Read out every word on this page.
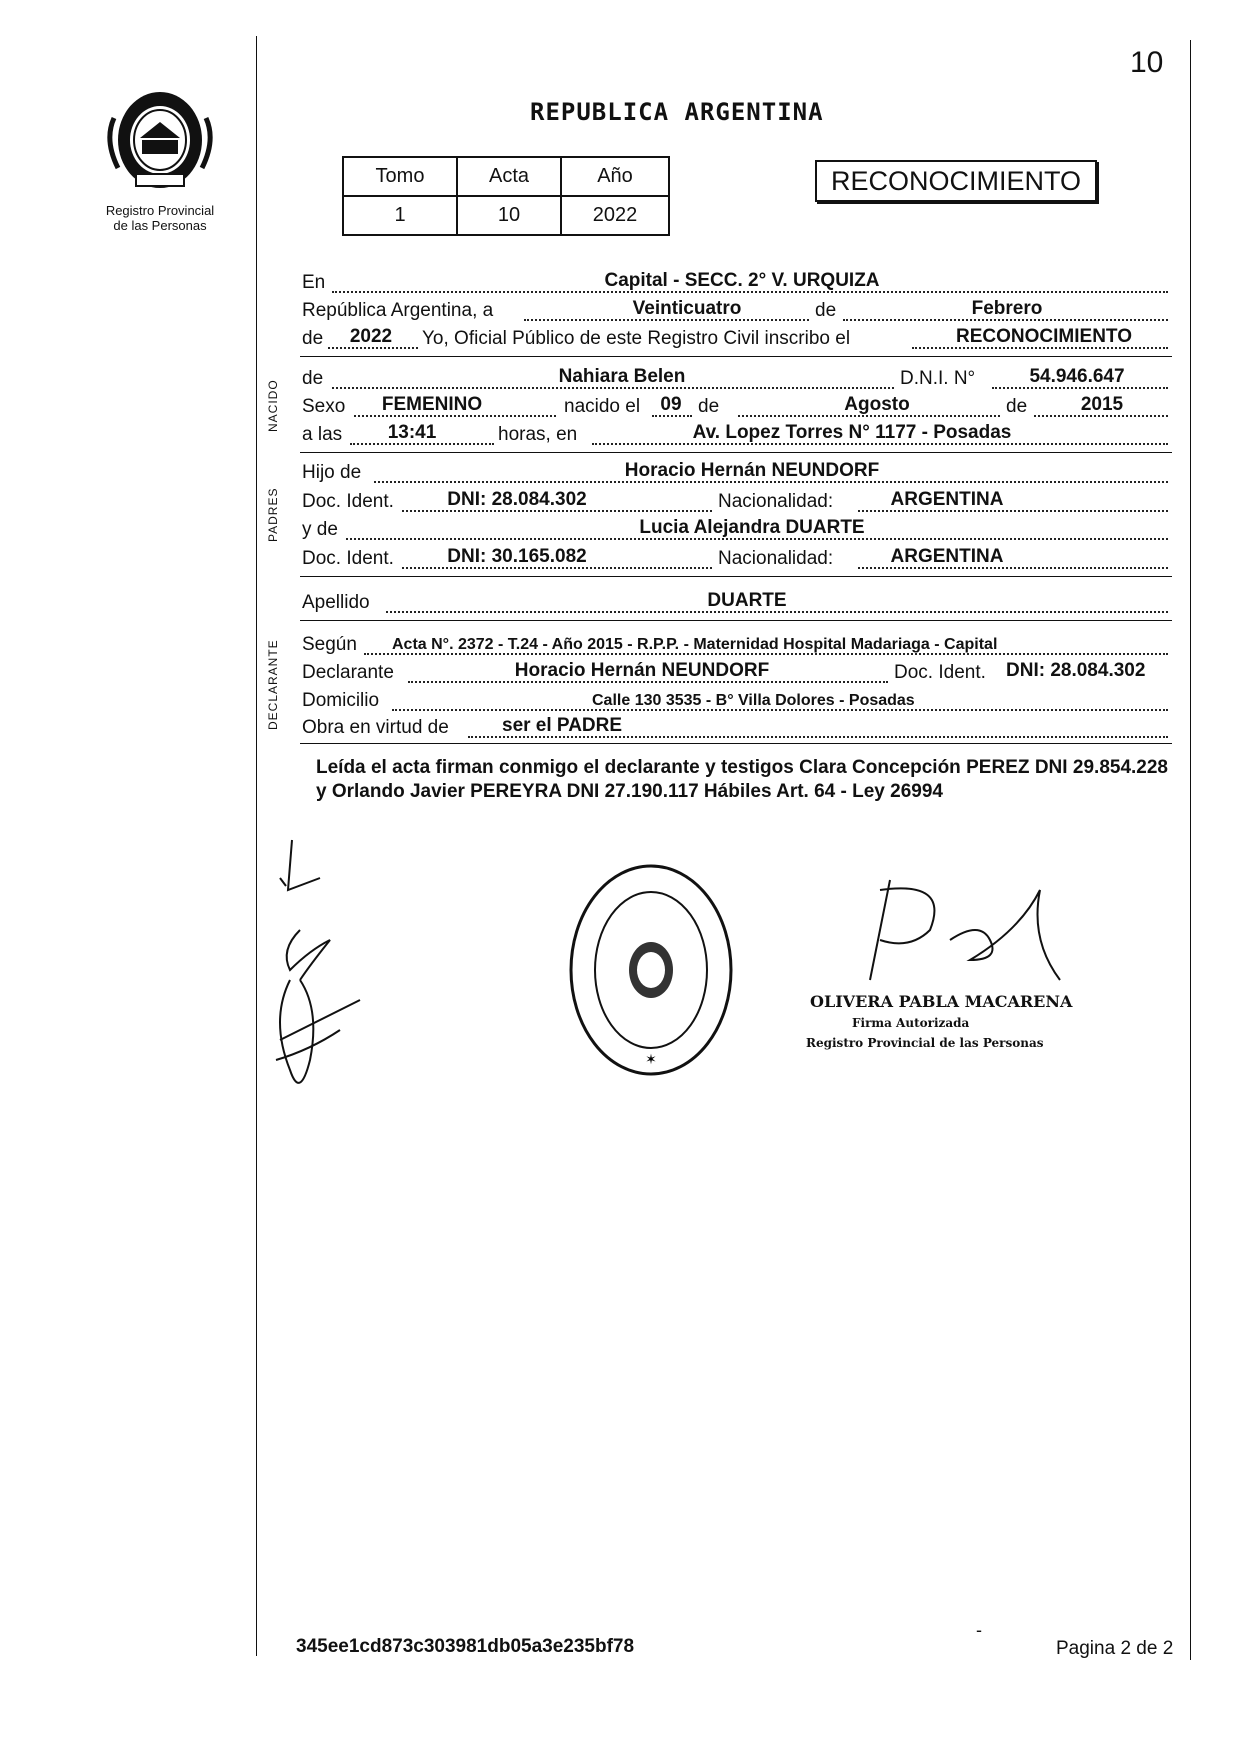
10
Registro Provincial
de las Personas
REPUBLICA ARGENTINA
Tomo	Acta	Año
1	10	2022
RECONOCIMIENTO
NACIDO
PADRES
DECLARANTE
En	Capital - SECC. 2° V. URQUIZA
República Argentina, a	Veinticuatro	de	Febrero
de	2022	Yo, Oficial Público de este Registro Civil inscribo el	RECONOCIMIENTO
de	Nahiara Belen	D.N.I. N°	54.946.647
Sexo	FEMENINO	nacido el	09 de	Agosto	de	2015
a las	13:41	horas, en	Av. Lopez Torres N° 1177 - Posadas
Hijo de	Horacio Hernán NEUNDORF
Doc. Ident.	DNI: 28.084.302	Nacionalidad:	ARGENTINA
y de	Lucia Alejandra DUARTE
Doc. Ident.	DNI: 30.165.082	Nacionalidad:	ARGENTINA
Apellido	DUARTE
Según Acta N°. 2372 - T.24 - Año 2015 - R.P.P. - Maternidad Hospital Madariaga - Capital
Declarante	Horacio Hernán NEUNDORF	Doc. Ident. DNI: 28.084.302
Domicilio	Calle 130 3535 - B° Villa Dolores - Posadas
Obra en virtud de	ser el PADRE
Leída el acta firman conmigo el declarante y testigos Clara Concepción PEREZ DNI 29.854.228 y Orlando Javier PEREYRA DNI 27.190.117 Hábiles Art. 64 - Ley 26994
✶
OLIVERA PABLA MACARENA
Firma Autorizada
Registro Provincial de las Personas
345ee1cd873c303981db05a3e235bf78
-
Pagina 2 de 2
